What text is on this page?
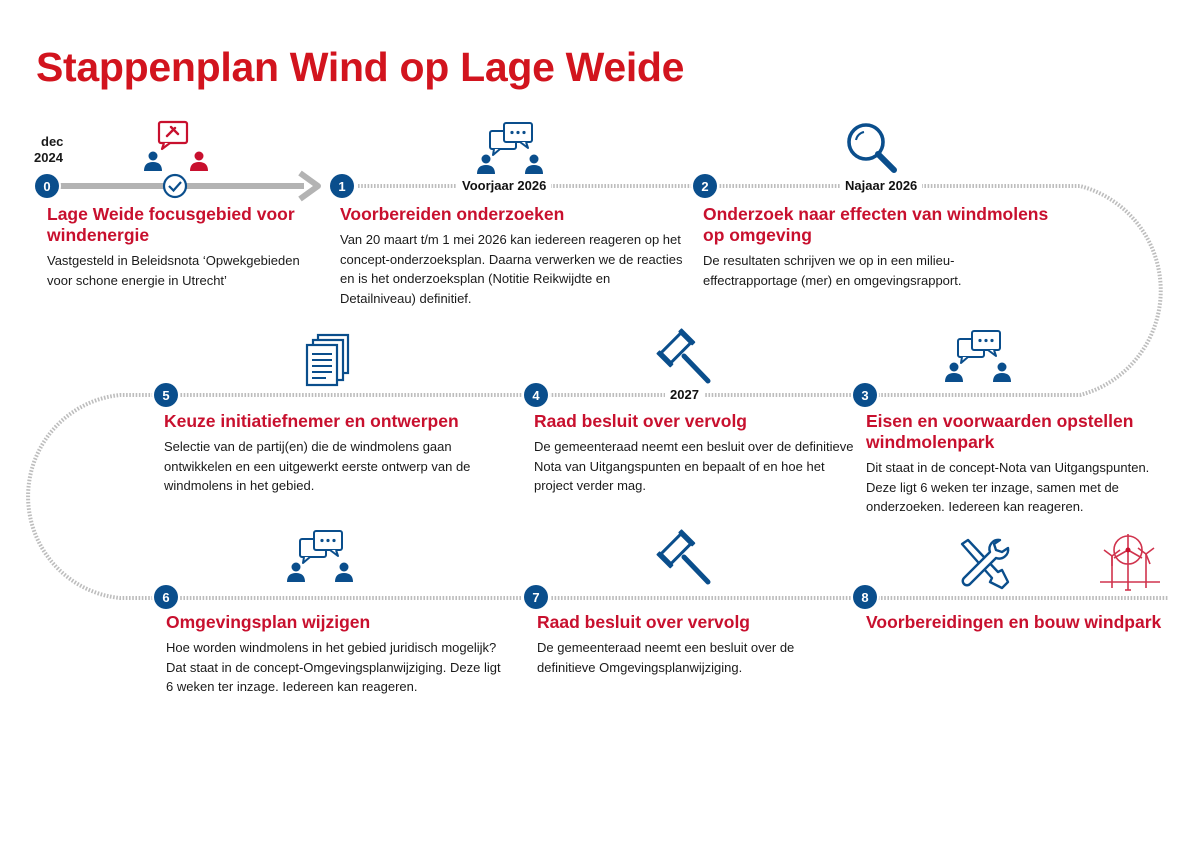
Stappenplan Wind op Lage Weide
0	1	2
3
4
5
6	7	8
dec
2024
Voorjaar 2026	Najaar 2026
2027
Lage Weide focusgebied voor windenergie

Vastgesteld in Beleidsnota ‘Opwekgebieden voor schone energie in Utrecht’

Voorbereiden onderzoeken

Van 20 maart t/m 1 mei 2026 kan iedereen reageren op het concept-onderzoeksplan. Daarna verwerken we de reacties en is het onderzoeksplan (Notitie Reikwijdte en Detailniveau) definitief.

Onderzoek naar effecten van windmolens op omgeving

De resultaten schrijven we op in een milieu-effectrapportage (mer) en omgevingsrapport.

Eisen en voorwaarden opstellen windmolenpark

Dit staat in de concept-Nota van Uitgangspunten. Deze ligt 6 weken ter inzage, samen met de onderzoeken. Iedereen kan reageren.

Raad besluit over vervolg

De gemeenteraad neemt een besluit over de definitieve Nota van Uitgangspunten en bepaalt of en hoe het project verder mag.

Keuze initiatiefnemer en ontwerpen

Selectie van de partij(en) die de windmolens gaan ontwikkelen en een uitgewerkt eerste ontwerp van de windmolens in het gebied.

Omgevingsplan wijzigen

Hoe worden windmolens in het gebied juridisch mogelijk? Dat staat in de concept-Omgevingsplanwijziging. Deze ligt 6 weken ter inzage. Iedereen kan reageren.

Raad besluit over vervolg

De gemeenteraad neemt een besluit over de definitieve Omgevingsplanwijziging.

Voorbereidingen en bouw windpark
